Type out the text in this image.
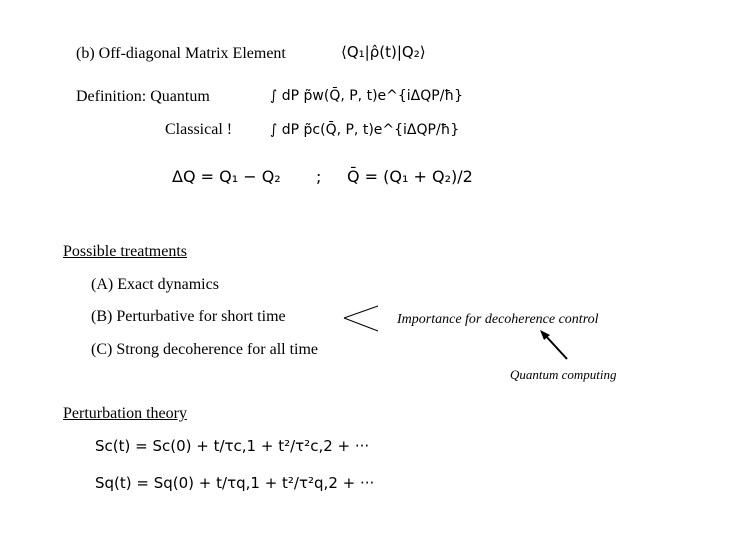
(b) Off-diagonal Matrix Element	⟨Q₁|ρ̂(t)|Q₂⟩
Definition: Quantum	∫ dP p̃w(Q̄, P, t)e^{iΔQP/ħ}
Classical !	∫ dP p̃c(Q̄, P, t)e^{iΔQP/ħ}
ΔQ = Q₁ − Q₂ ; Q̄ = (Q₁ + Q₂)/2
Possible treatments
(A) Exact dynamics
(B) Perturbative for short time
(C) Strong decoherence for all time
Importance for decoherence control
Quantum computing
Perturbation theory
Sc(t) = Sc(0) + t/τc,1 + t²/τ²c,2 + ···
Sq(t) = Sq(0) + t/τq,1 + t²/τ²q,2 + ···
